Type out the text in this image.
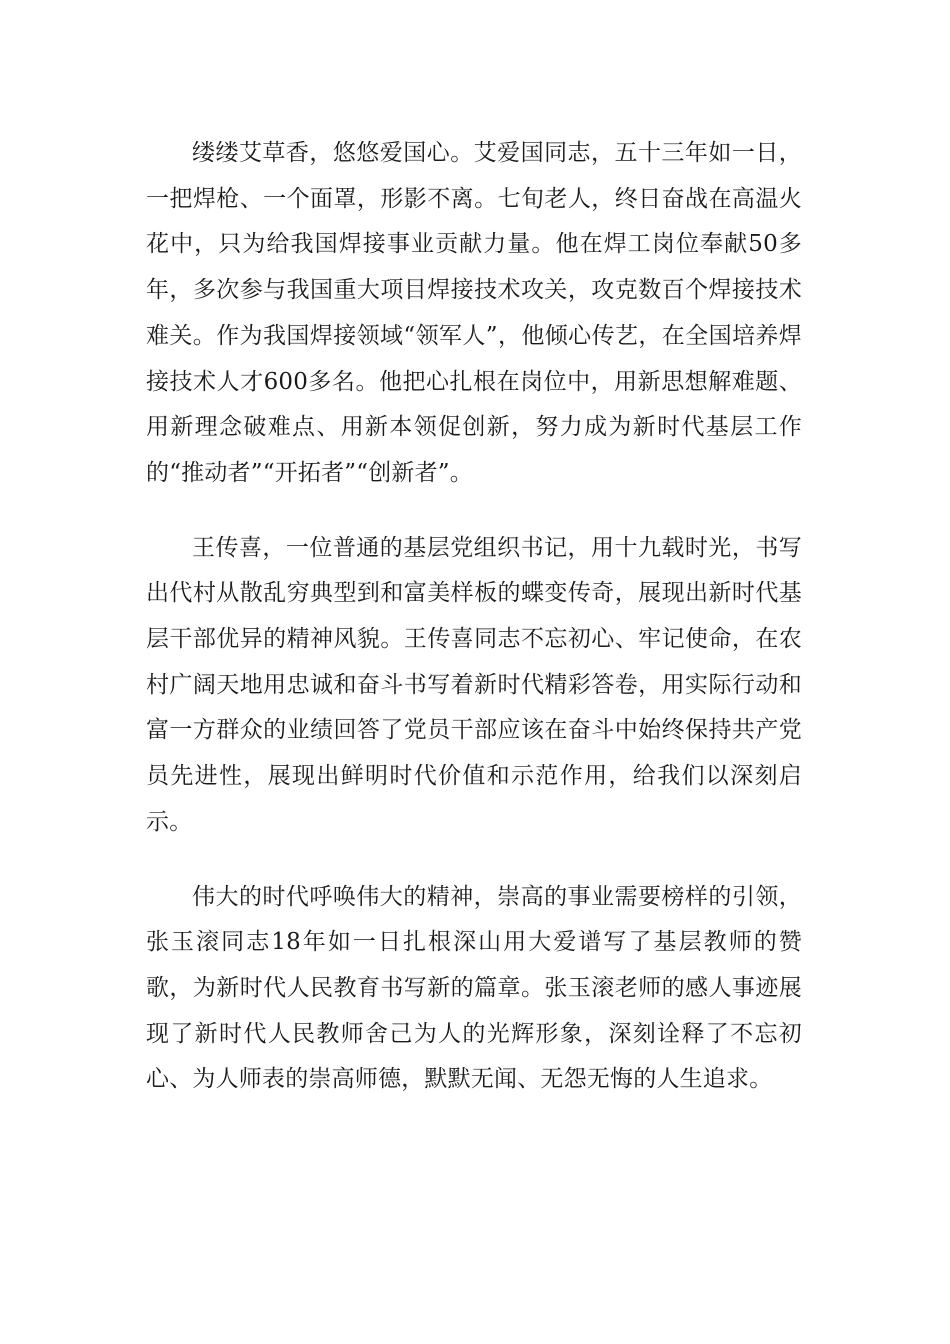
缕缕艾草香，悠悠爱国心。艾爱国同志，五十三年如一日，一把焊枪、一个面罩，形影不离。七旬老人，终日奋战在高温火花中，只为给我国焊接事业贡献力量。他在焊工岗位奉献50多年，多次参与我国重大项目焊接技术攻关，攻克数百个焊接技术难关。作为我国焊接领域“领军人”，他倾心传艺，在全国培养焊接技术人才600多名。他把心扎根在岗位中，用新思想解难题、用新理念破难点、用新本领促创新，努力成为新时代基层工作的“推动者”“开拓者”“创新者”。

王传喜，一位普通的基层党组织书记，用十九载时光，书写出代村从散乱穷典型到和富美样板的蝶变传奇，展现出新时代基层干部优异的精神风貌。王传喜同志不忘初心、牢记使命，在农村广阔天地用忠诚和奋斗书写着新时代精彩答卷，用实际行动和富一方群众的业绩回答了党员干部应该在奋斗中始终保持共产党员先进性，展现出鲜明时代价值和示范作用，给我们以深刻启示。

伟大的时代呼唤伟大的精神，崇高的事业需要榜样的引领，张玉滚同志18年如一日扎根深山用大爱谱写了基层教师的赞歌，为新时代人民教育书写新的篇章。张玉滚老师的感人事迹展现了新时代人民教师舍己为人的光辉形象，深刻诠释了不忘初心、为人师表的崇高师德，默默无闻、无怨无悔的人生追求。
